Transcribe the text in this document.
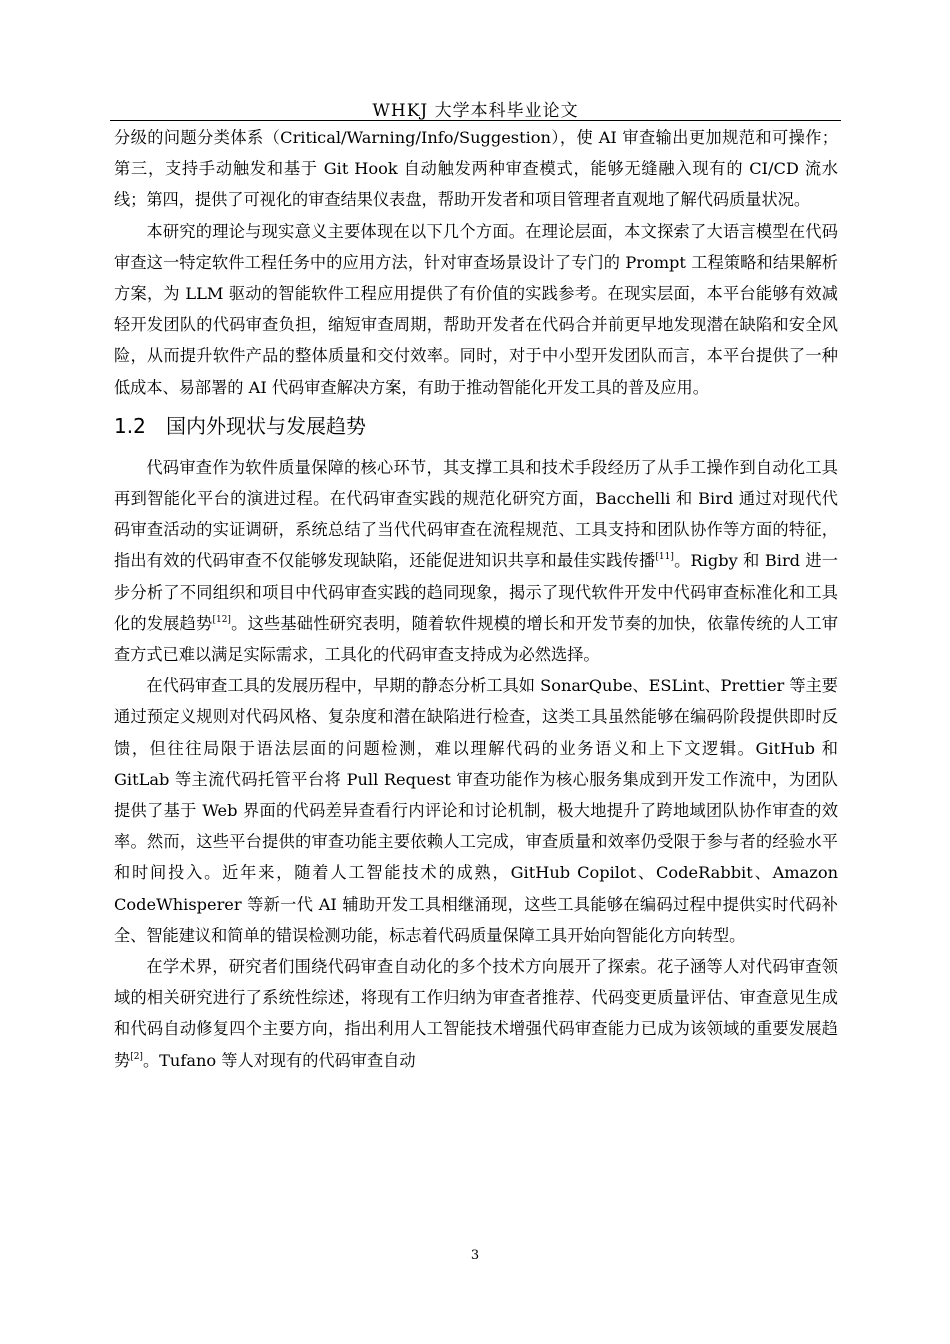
WHKJ 大学本科毕业论文

分级的问题分类体系（Critical/Warning/Info/Suggestion），使 AI 审查输出更加规范和可操作；第三，支持手动触发和基于 Git Hook 自动触发两种审查模式，能够无缝融入现有的 CI/CD 流水线；第四，提供了可视化的审查结果仪表盘，帮助开发者和项目管理者直观地了解代码质量状况。

本研究的理论与现实意义主要体现在以下几个方面。在理论层面，本文探索了大语言模型在代码审查这一特定软件工程任务中的应用方法，针对审查场景设计了专门的 Prompt 工程策略和结果解析方案，为 LLM 驱动的智能软件工程应用提供了有价值的实践参考。在现实层面，本平台能够有效减轻开发团队的代码审查负担，缩短审查周期，帮助开发者在代码合并前更早地发现潜在缺陷和安全风险，从而提升软件产品的整体质量和交付效率。同时，对于中小型开发团队而言，本平台提供了一种低成本、易部署的 AI 代码审查解决方案，有助于推动智能化开发工具的普及应用。

1.2 国内外现状与发展趋势

代码审查作为软件质量保障的核心环节，其支撑工具和技术手段经历了从手工操作到自动化工具再到智能化平台的演进过程。在代码审查实践的规范化研究方面，Bacchelli 和 Bird 通过对现代代码审查活动的实证调研，系统总结了当代代码审查在流程规范、工具支持和团队协作等方面的特征，指出有效的代码审查不仅能够发现缺陷，还能促进知识共享和最佳实践传播[11]。Rigby 和 Bird 进一步分析了不同组织和项目中代码审查实践的趋同现象，揭示了现代软件开发中代码审查标准化和工具化的发展趋势[12]。这些基础性研究表明，随着软件规模的增长和开发节奏的加快，依靠传统的人工审查方式已难以满足实际需求，工具化的代码审查支持成为必然选择。

在代码审查工具的发展历程中，早期的静态分析工具如 SonarQube、ESLint、Prettier 等主要通过预定义规则对代码风格、复杂度和潜在缺陷进行检查，这类工具虽然能够在编码阶段提供即时反馈，但往往局限于语法层面的问题检测，难以理解代码的业务语义和上下文逻辑。GitHub 和 GitLab 等主流代码托管平台将 Pull Request 审查功能作为核心服务集成到开发工作流中，为团队提供了基于 Web 界面的代码差异查看行内评论和讨论机制，极大地提升了跨地域团队协作审查的效率。然而，这些平台提供的审查功能主要依赖人工完成，审查质量和效率仍受限于参与者的经验水平和时间投入。近年来，随着人工智能技术的成熟，GitHub Copilot、CodeRabbit、Amazon CodeWhisperer 等新一代 AI 辅助开发工具相继涌现，这些工具能够在编码过程中提供实时代码补全、智能建议和简单的错误检测功能，标志着代码质量保障工具开始向智能化方向转型。

在学术界，研究者们围绕代码审查自动化的多个技术方向展开了探索。花子涵等人对代码审查领域的相关研究进行了系统性综述，将现有工作归纳为审查者推荐、代码变更质量评估、审查意见生成和代码自动修复四个主要方向，指出利用人工智能技术增强代码审查能力已成为该领域的重要发展趋势[2]。Tufano 等人对现有的代码审查自动

3
